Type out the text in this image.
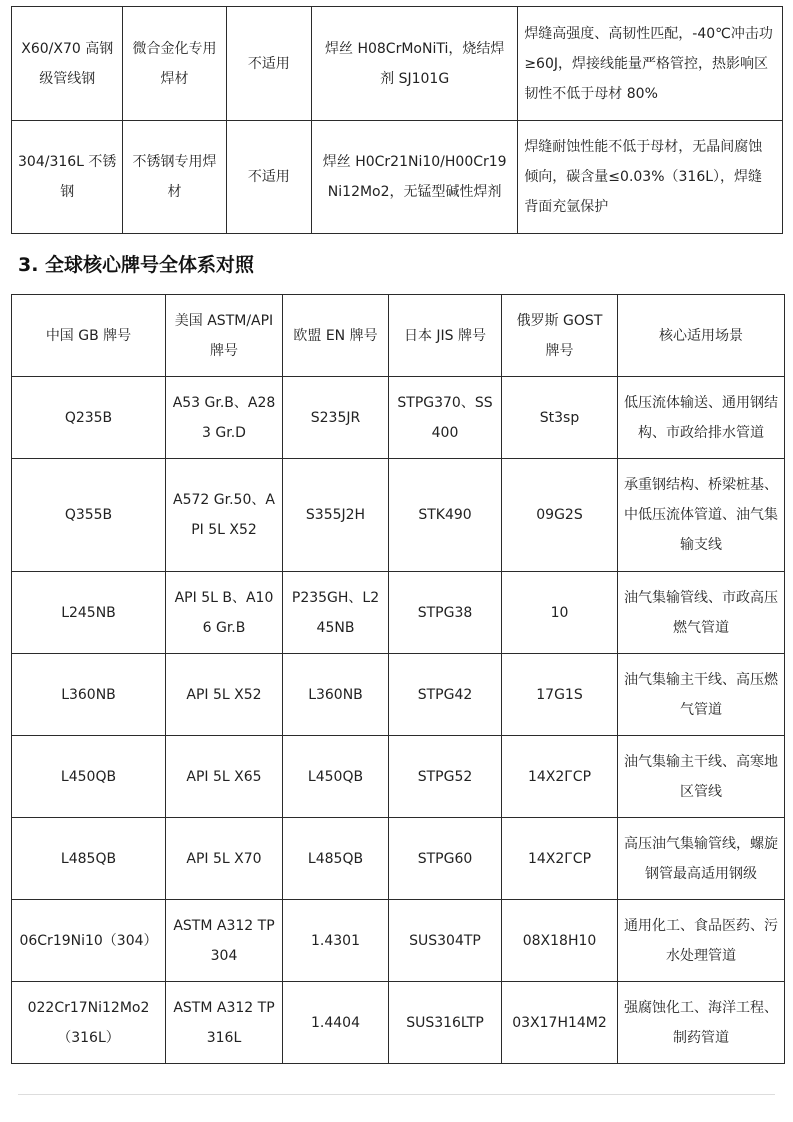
X60/X70 高钢级管线钢	微合金化专用焊材	不适用	焊丝 H08CrMoNiTi，烧结焊剂 SJ101G	焊缝高强度、高韧性匹配，-40℃冲击功≥60J，焊接线能量严格管控，热影响区韧性不低于母材 80%
304/316L 不锈钢	不锈钢专用焊材	不适用	焊丝 H0Cr21Ni10/H00Cr19Ni12Mo2，无锰型碱性焊剂	焊缝耐蚀性能不低于母材，无晶间腐蚀倾向，碳含量≤0.03%（316L），焊缝背面充氩保护
3. 全球核心牌号全体系对照
中国 GB 牌号	美国 ASTM/API 牌号	欧盟 EN 牌号	日本 JIS 牌号	俄罗斯 GOST 牌号	核心适用场景
Q235B	A53 Gr.B、A283 Gr.D	S235JR	STPG370、SS400	St3sp	低压流体输送、通用钢结构、市政给排水管道
Q355B	A572 Gr.50、API 5L X52	S355J2H	STK490	09G2S	承重钢结构、桥梁桩基、中低压流体管道、油气集输支线
L245NB	API 5L B、A106 Gr.B	P235GH、L245NB	STPG38	10	油气集输管线、市政高压燃气管道
L360NB	API 5L X52	L360NB	STPG42	17G1S	油气集输主干线、高压燃气管道
L450QB	API 5L X65	L450QB	STPG52	14X2ГСР	油气集输主干线、高寒地区管线
L485QB	API 5L X70	L485QB	STPG60	14X2ГСР	高压油气集输管线，螺旋钢管最高适用钢级
06Cr19Ni10（304）	ASTM A312 TP304	1.4301	SUS304TP	08X18H10	通用化工、食品医药、污水处理管道
022Cr17Ni12Mo2（316L）	ASTM A312 TP316L	1.4404	SUS316LTP	03X17H14M2	强腐蚀化工、海洋工程、制药管道
